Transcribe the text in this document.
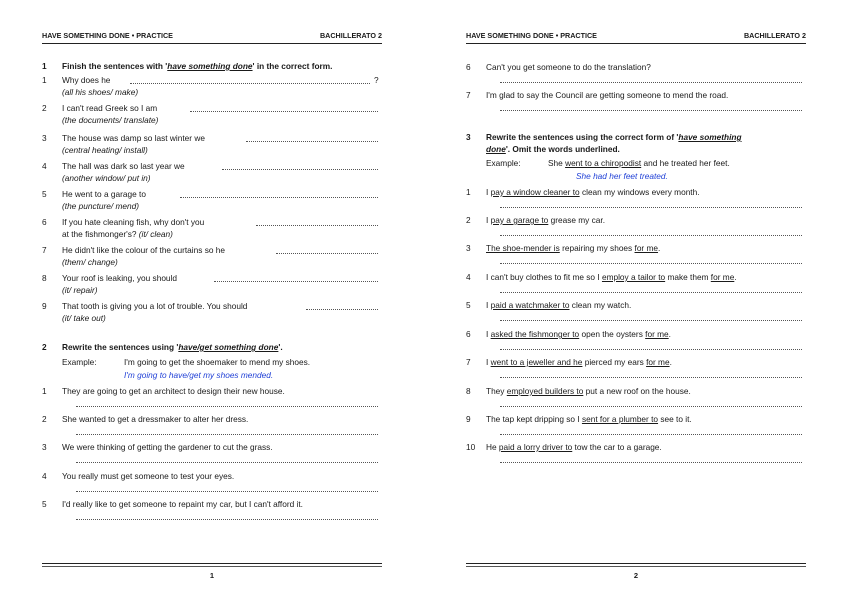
HAVE SOMETHING DONE • PRACTICE	BACHILLERATO 2
1 Finish the sentences with 'have something done' in the correct form.
1 Why does he	?
(all his shoes/ make)
2 I can't read Greek so I am
(the documents/ translate)
3 The house was damp so last winter we
(central heating/ install)
4 The hall was dark so last year we
(another window/ put in)
5 He went to a garage to
(the puncture/ mend)
6 If you hate cleaning fish, why don't you
at the fishmonger's? (it/ clean)
7 He didn't like the colour of the curtains so he
(them/ change)
8 Your roof is leaking, you should
(it/ repair)
9 That tooth is giving you a lot of trouble. You should
(it/ take out)
2 Rewrite the sentences using 'have/get something done'.
Example:	I'm going to get the shoemaker to mend my shoes.
I'm going to have/get my shoes mended.
1 They are going to get an architect to design their new house.
2 She wanted to get a dressmaker to alter her dress.
3 We were thinking of getting the gardener to cut the grass.
4 You really must get someone to test your eyes.
5 I'd really like to get someone to repaint my car, but I can't afford it.
1
HAVE SOMETHING DONE • PRACTICE	BACHILLERATO 2
6 Can't you get someone to do the translation?
7 I'm glad to say the Council are getting someone to mend the road.
3 Rewrite the sentences using the correct form of 'have something
done'. Omit the words underlined.
Example:	She went to a chiropodist and he treated her feet.
She had her feet treated.
1 I pay a window cleaner to clean my windows every month.
2 I pay a garage to grease my car.
3 The shoe-mender is repairing my shoes for me.
4 I can't buy clothes to fit me so I employ a tailor to make them for me.
5 I paid a watchmaker to clean my watch.
6 I asked the fishmonger to open the oysters for me.
7 I went to a jeweller and he pierced my ears for me.
8 They employed builders to put a new roof on the house.
9 The tap kept dripping so I sent for a plumber to see to it.
10 He paid a lorry driver to tow the car to a garage.
2
